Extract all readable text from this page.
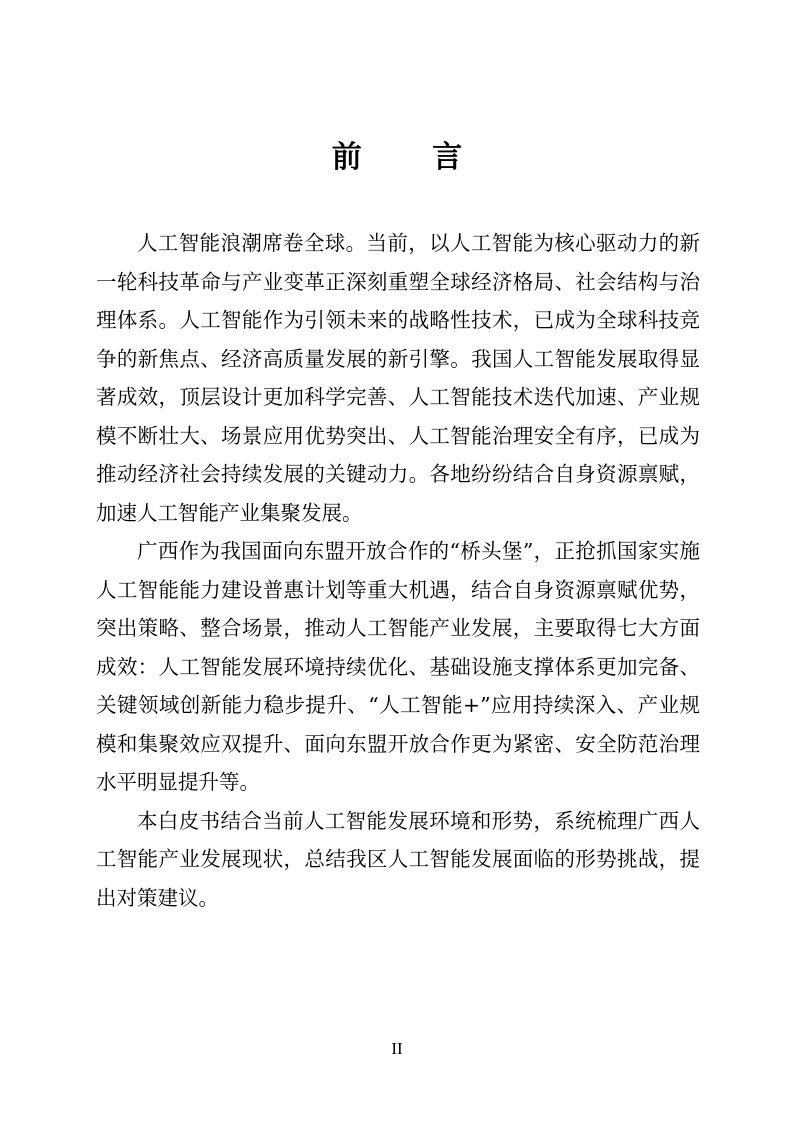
前 言

人工智能浪潮席卷全球。当前，以人工智能为核心驱动力的新一轮科技革命与产业变革正深刻重塑全球经济格局、社会结构与治理体系。人工智能作为引领未来的战略性技术，已成为全球科技竞争的新焦点、经济高质量发展的新引擎。我国人工智能发展取得显著成效，顶层设计更加科学完善、人工智能技术迭代加速、产业规模不断壮大、场景应用优势突出、人工智能治理安全有序，已成为推动经济社会持续发展的关键动力。各地纷纷结合自身资源禀赋，加速人工智能产业集聚发展。

广西作为我国面向东盟开放合作的“桥头堡”，正抢抓国家实施人工智能能力建设普惠计划等重大机遇，结合自身资源禀赋优势，突出策略、整合场景，推动人工智能产业发展，主要取得七大方面成效：人工智能发展环境持续优化、基础设施支撑体系更加完备、关键领域创新能力稳步提升、“人工智能+”应用持续深入、产业规模和集聚效应双提升、面向东盟开放合作更为紧密、安全防范治理水平明显提升等。

本白皮书结合当前人工智能发展环境和形势，系统梳理广西人工智能产业发展现状，总结我区人工智能发展面临的形势挑战，提出对策建议。

II
